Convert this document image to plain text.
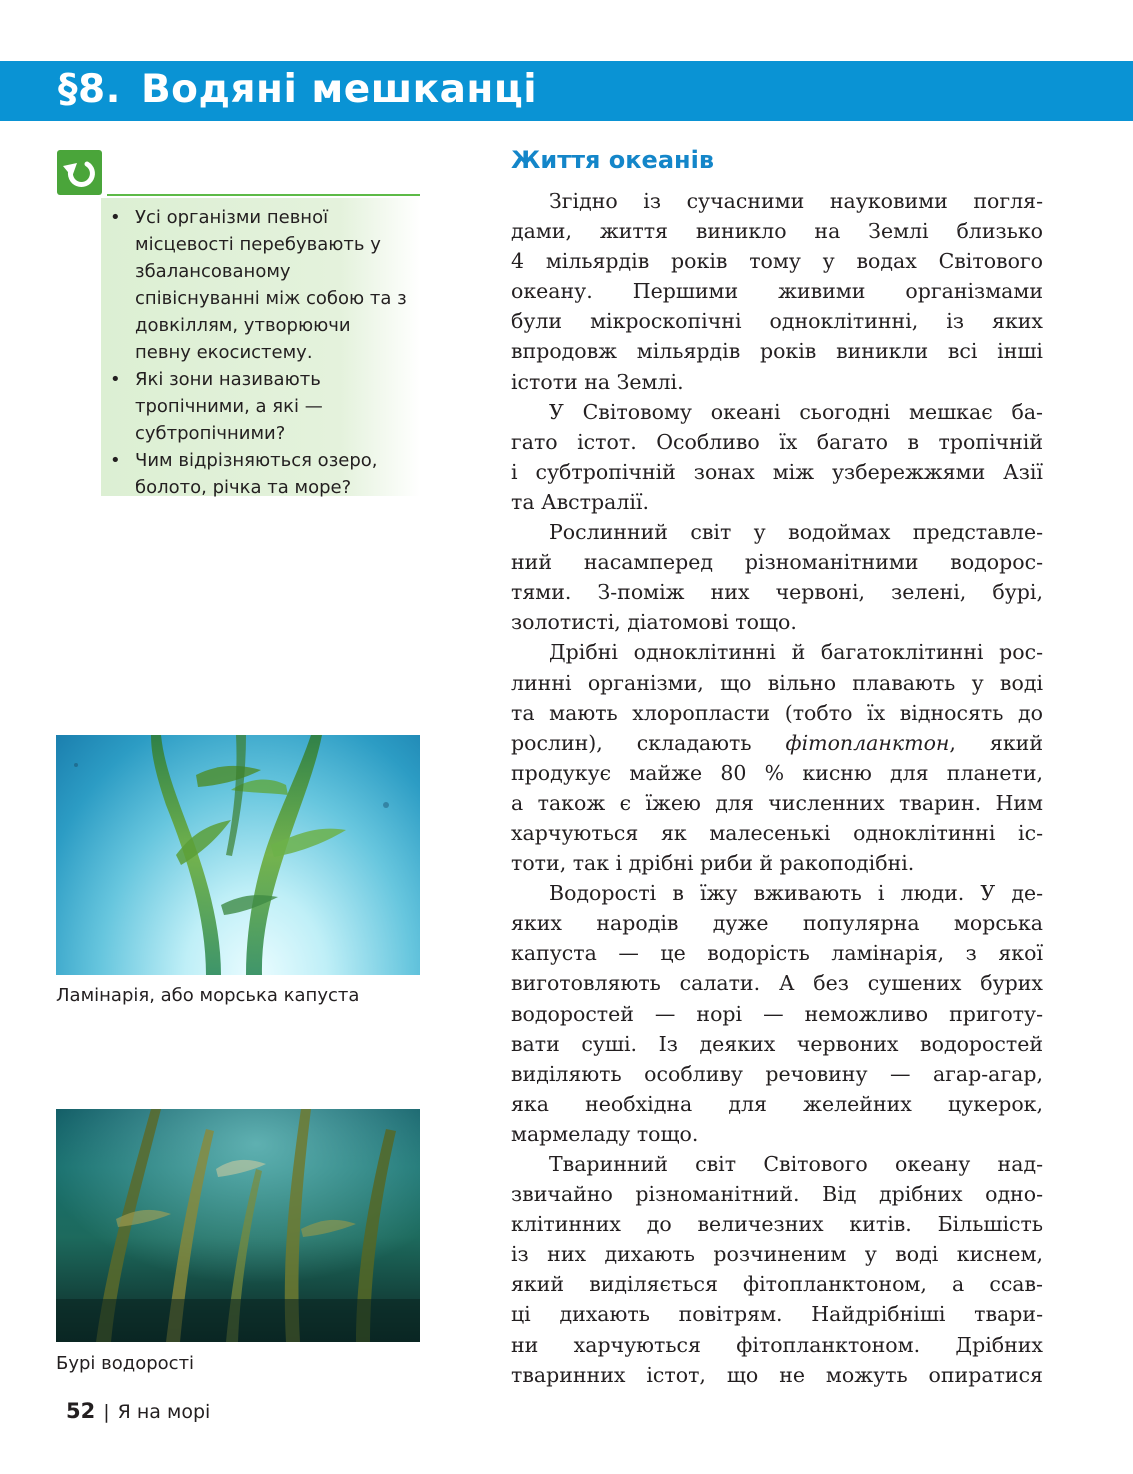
§8. Водяні мешканці
• Усі організми певної місцевості перебувають у збалансованому співіснуванні між собою та з довкіллям, утворюючи певну екосистему.
• Які зони називають тропічними, а які — субтропічними?
• Чим відрізняються озеро, болото, річка та море?
Ламінарія, або морська капуста
Бурі водорості
Життя океанів

Згідно із сучасними науковими погля-
дами, життя виникло на Землі близько
4 мільярдів років тому у водах Світового
океану. Першими живими організмами
були мікроскопічні одноклітинні, із яких
впродовж мільярдів років виникли всі інші
істоти на Землі.

У Світовому океані сьогодні мешкає ба-
гато істот. Особливо їх багато в тропічній
і субтропічній зонах між узбережжями Азії
та Австралії.

Рослинний світ у водоймах представле-
ний насамперед різноманітними водорос-
тями. З-поміж них червоні, зелені, бурі,
золотисті, діатомові тощо.

Дрібні одноклітинні й багатоклітинні рос-
линні організми, що вільно плавають у воді
та мають хлоропласти (тобто їх відносять до
рослин), складають фітопланктон, який
продукує майже 80 % кисню для планети,
а також є їжею для численних тварин. Ним
харчуються як малесенькі одноклітинні іс-
тоти, так і дрібні риби й ракоподібні.

Водорості в їжу вживають і люди. У де-
яких народів дуже популярна морська
капуста — це водорість ламінарія, з якої
виготовляють салати. А без сушених бурих
водоростей — норі — неможливо приготу-
вати суші. Із деяких червоних водоростей
виділяють особливу речовину — агар-агар,
яка необхідна для желейних цукерок,
мармеладу тощо.

Тваринний світ Світового океану над-
звичайно різноманітний. Від дрібних одно-
клітинних до величезних китів. Більшість
із них дихають розчиненим у воді киснем,
який виділяється фітопланктоном, а ссав-
ці дихають повітрям. Найдрібніші твари-
ни харчуються фітопланктоном. Дрібних
тваринних істот, що не можуть опиратися

52 | Я на морі
